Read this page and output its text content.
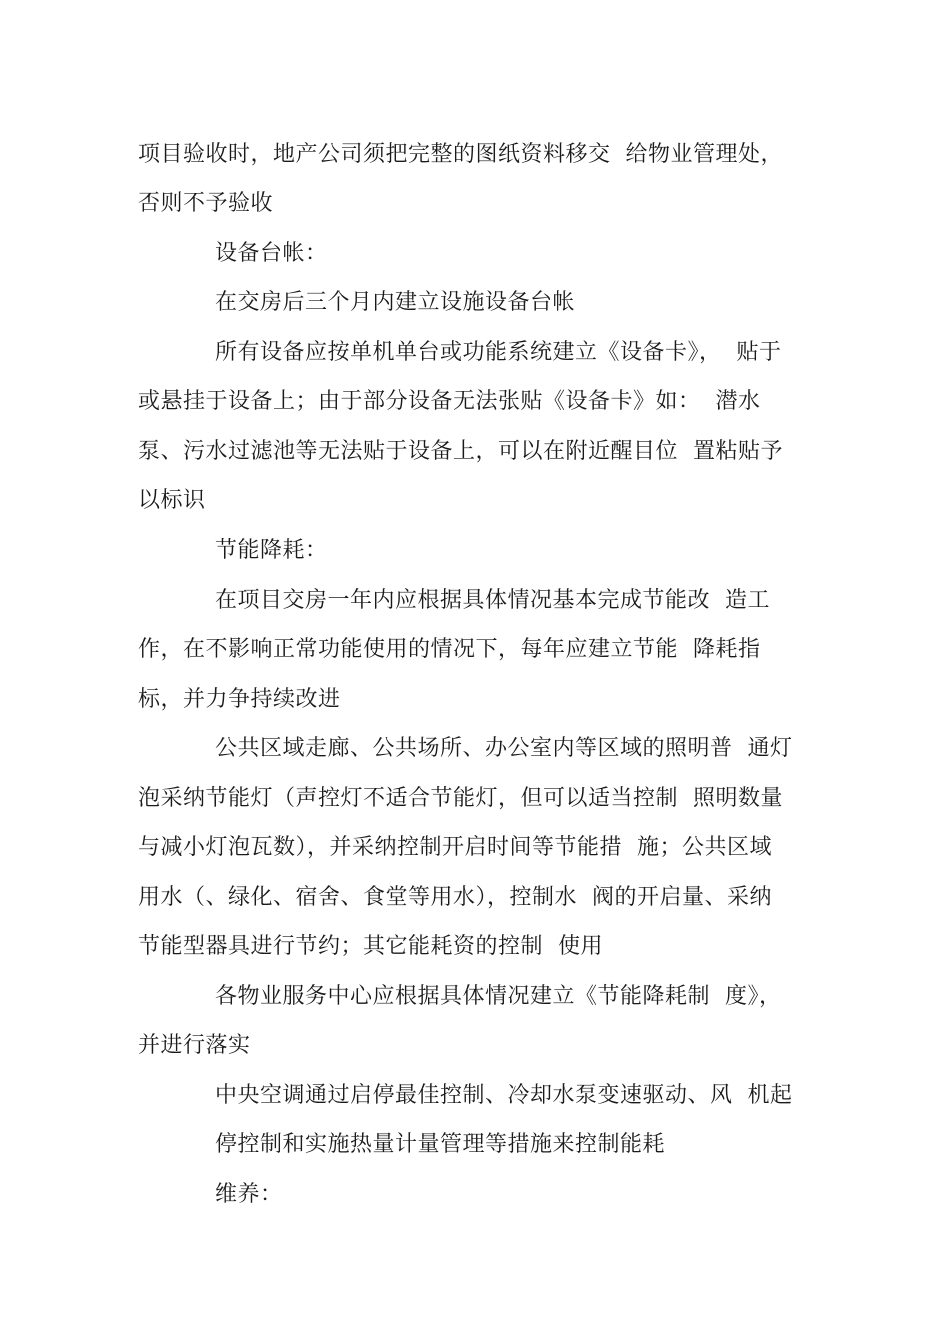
项目验收时，地产公司须把完整的图纸资料移交  给物业管理处，
否则不予验收
设备台帐：
在交房后三个月内建立设施设备台帐
所有设备应按单机单台或功能系统建立《设备卡》，  贴于
或悬挂于设备上；由于部分设备无法张贴《设备卡》如：  潜水
泵、污水过滤池等无法贴于设备上，可以在附近醒目位  置粘贴予
以标识
节能降耗：
在项目交房一年内应根据具体情况基本完成节能改  造工
作，在不影响正常功能使用的情况下，每年应建立节能  降耗指
标，并力争持续改进
公共区域走廊、公共场所、办公室内等区域的照明普  通灯
泡采纳节能灯（声控灯不适合节能灯，但可以适当控制  照明数量
与减小灯泡瓦数），并采纳控制开启时间等节能措  施；公共区域
用水（、绿化、宿舍、食堂等用水），控制水  阀的开启量、采纳
节能型器具进行节约；其它能耗资的控制  使用
各物业服务中心应根据具体情况建立《节能降耗制  度》，
并进行落实
中央空调通过启停最佳控制、冷却水泵变速驱动、风  机起
停控制和实施热量计量管理等措施来控制能耗
维养：
